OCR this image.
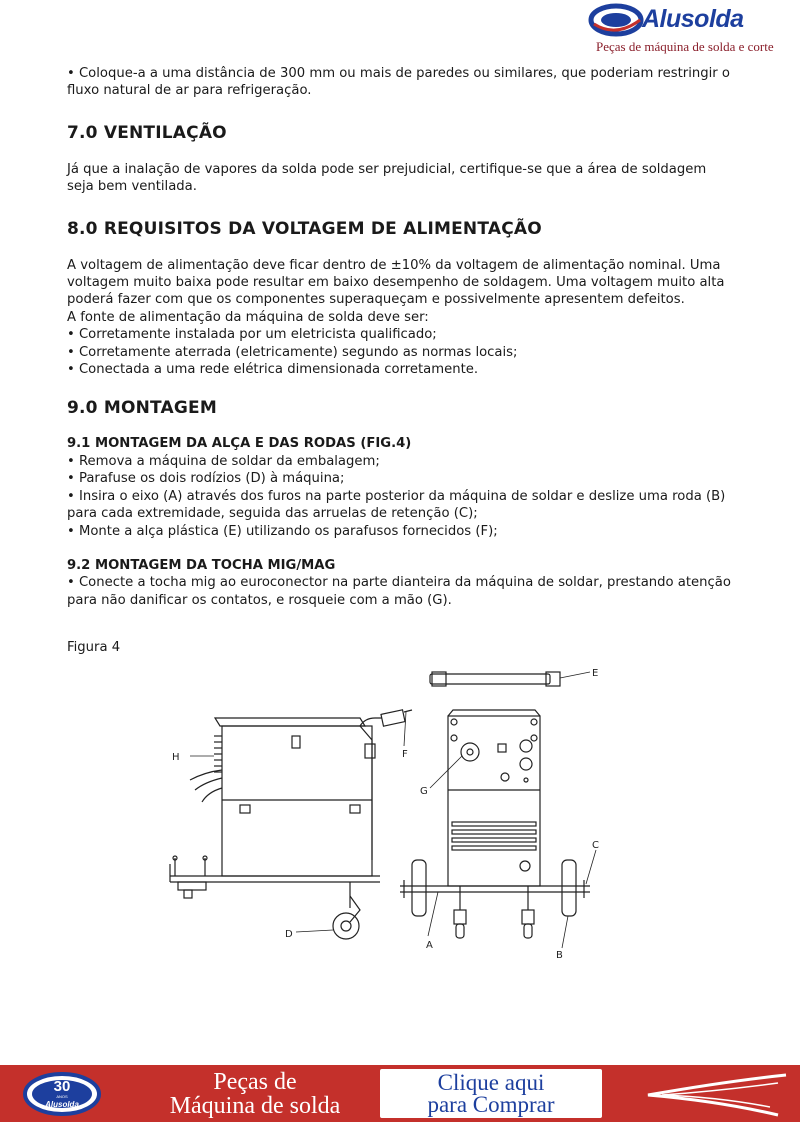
Alusolda
Peças de máquina de solda e corte

• Coloque-a a uma distância de 300 mm ou mais de paredes ou similares, que poderiam restringir o fluxo natural de ar para refrigeração.

7.0 VENTILAÇÃO

Já que a inalação de vapores da solda pode ser prejudicial, certifique-se que a área de soldagem seja bem ventilada.

8.0 REQUISITOS DA VOLTAGEM DE ALIMENTAÇÃO

A voltagem de alimentação deve ficar dentro de ±10% da voltagem de alimentação nominal. Uma voltagem muito baixa pode resultar em baixo desempenho de soldagem. Uma voltagem muito alta poderá fazer com que os componentes superaqueçam e possivelmente apresentem defeitos.

A fonte de alimentação da máquina de solda deve ser:

• Corretamente instalada por um eletricista qualificado;

• Corretamente aterrada (eletricamente) segundo as normas locais;

• Conectada a uma rede elétrica dimensionada corretamente.

9.0 MONTAGEM
9.1 MONTAGEM DA ALÇA E DAS RODAS (FIG.4)

• Remova a máquina de soldar da embalagem;

• Parafuse os dois rodízios (D) à máquina;

• Insira o eixo (A) através dos furos na parte posterior da máquina de soldar e deslize uma roda (B) para cada extremidade, seguida das arruelas de retenção (C);

• Monte a alça plástica (E) utilizando os parafusos fornecidos (F);

9.2 MONTAGEM DA TOCHA MIG/MAG

• Conecte a tocha mig ao euroconector na parte dianteira da máquina de soldar, prestando atenção para não danificar os contatos, e rosqueie com a mão (G).

Figura 4
H	F
E
G
D
A
B
C
30
ANOS
Alusolda
Peças de
Máquina de solda
Clique aqui
para Comprar
